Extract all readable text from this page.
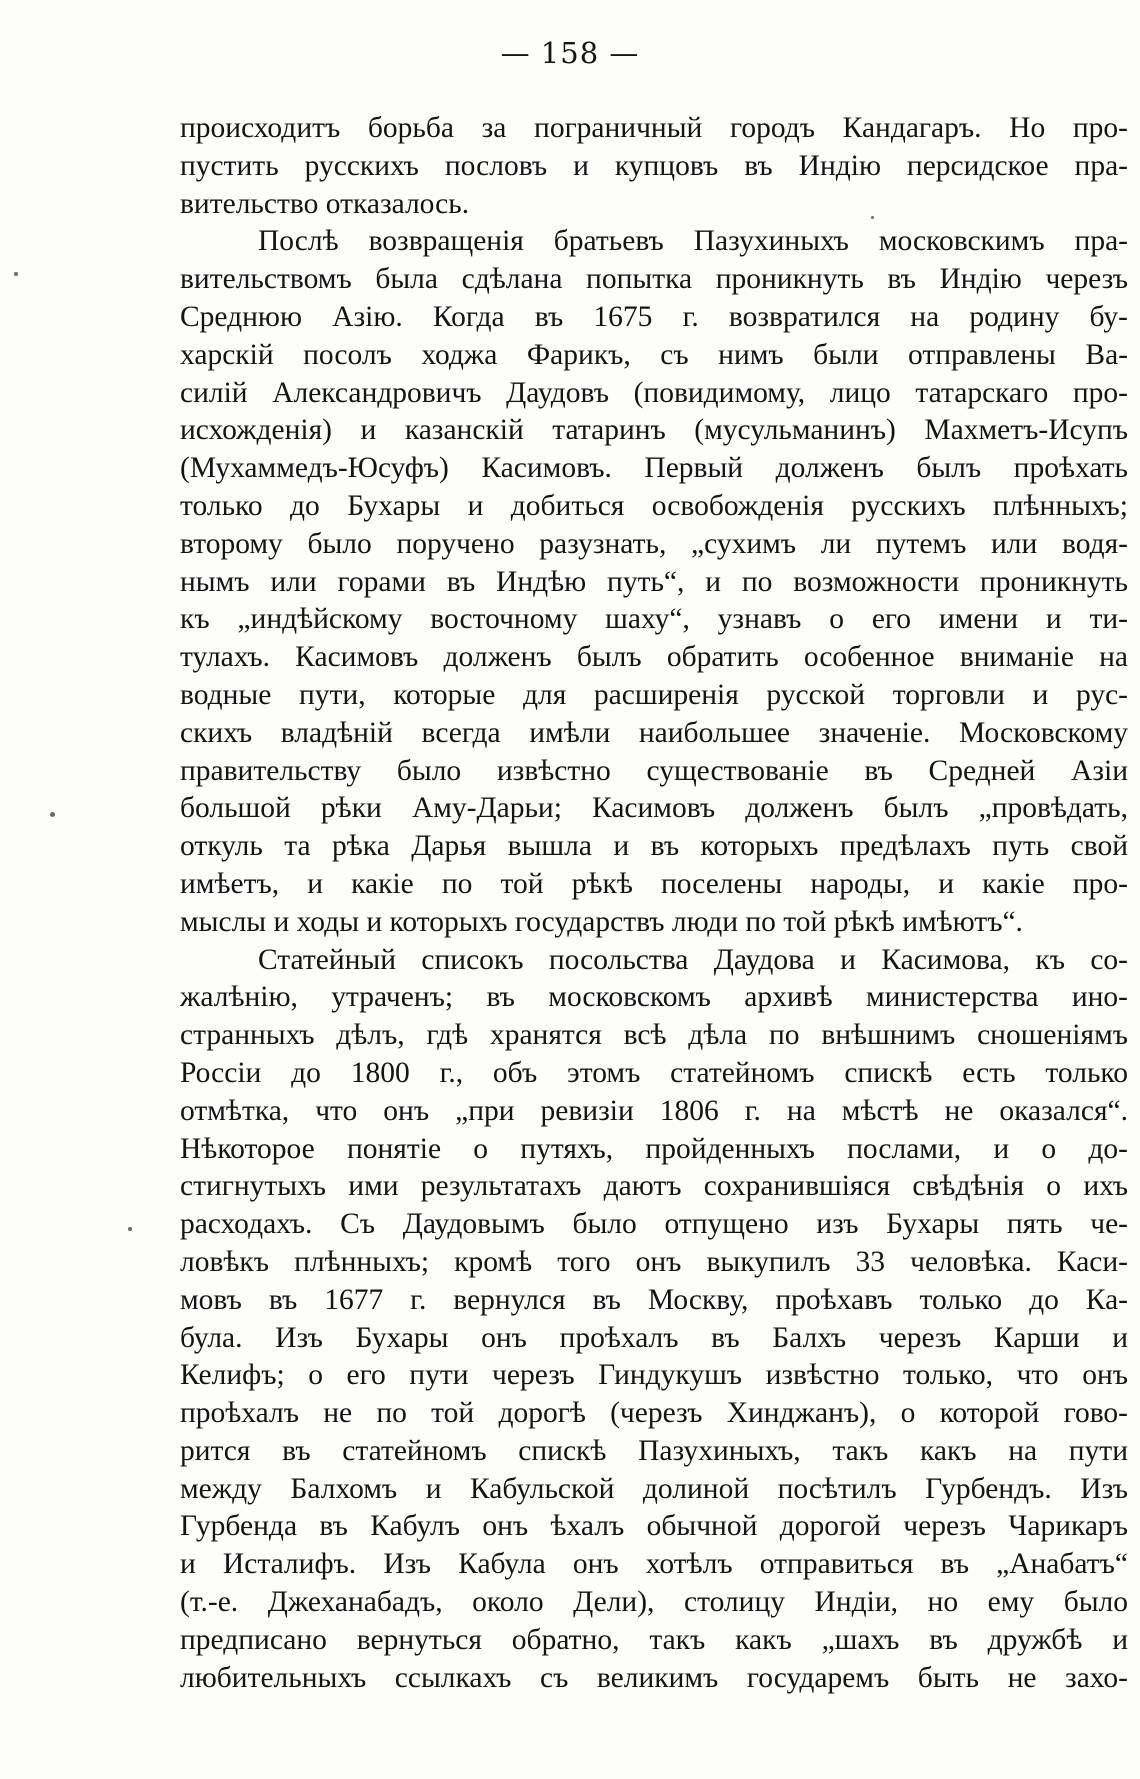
— 158 —
происходитъ борьба за пограничный городъ Кандагаръ. Но про-
пустить русскихъ пословъ и купцовъ въ Индію персидское пра-
вительство отказалось.
Послѣ возвращенія братьевъ Пазухиныхъ московскимъ пра-
вительствомъ была сдѣлана попытка проникнуть въ Индію черезъ
Среднюю Азію. Когда въ 1675 г. возвратился на родину бу-
харскій посолъ ходжа Фарикъ, съ нимъ были отправлены Ва-
силій Александровичъ Даудовъ (повидимому, лицо татарскаго про-
исхожденія) и казанскій татаринъ (мусульманинъ) Махметъ-Исупъ
(Мухаммедъ-Юсуфъ) Касимовъ. Первый долженъ былъ проѣхать
только до Бухары и добиться освобожденія русскихъ плѣнныхъ;
второму было поручено разузнать, „сухимъ ли путемъ или водя-
нымъ или горами въ Индѣю путь“, и по возможности проникнуть
къ „индѣйскому восточному шаху“, узнавъ о его имени и ти-
тулахъ. Касимовъ долженъ былъ обратить особенное вниманіе на
водные пути, которые для расширенія русской торговли и рус-
скихъ владѣній всегда имѣли наибольшее значеніе. Московскому
правительству было извѣстно существованіе въ Средней Азіи
большой рѣки Аму-Дарьи; Касимовъ долженъ былъ „провѣдать,
откуль та рѣка Дарья вышла и въ которыхъ предѣлахъ путь свой
имѣетъ, и какіе по той рѣкѣ поселены народы, и какіе про-
мыслы и ходы и которыхъ государствъ люди по той рѣкѣ имѣютъ“.
Статейный списокъ посольства Даудова и Касимова, къ со-
жалѣнію, утраченъ; въ московскомъ архивѣ министерства ино-
странныхъ дѣлъ, гдѣ хранятся всѣ дѣла по внѣшнимъ сношеніямъ
Россіи до 1800 г., объ этомъ статейномъ спискѣ есть только
отмѣтка, что онъ „при ревизіи 1806 г. на мѣстѣ не оказался“.
Нѣкоторое понятіе о путяхъ, пройденныхъ послами, и о до-
стигнутыхъ ими результатахъ даютъ сохранившіяся свѣдѣнія о ихъ
расходахъ. Съ Даудовымъ было отпущено изъ Бухары пять че-
ловѣкъ плѣнныхъ; кромѣ того онъ выкупилъ 33 человѣка. Каси-
мовъ въ 1677 г. вернулся въ Москву, проѣхавъ только до Ка-
була. Изъ Бухары онъ проѣхалъ въ Балхъ черезъ Карши и
Келифъ; о его пути черезъ Гиндукушъ извѣстно только, что онъ
проѣхалъ не по той дорогѣ (черезъ Хинджанъ), о которой гово-
рится въ статейномъ спискѣ Пазухиныхъ, такъ какъ на пути
между Балхомъ и Кабульской долиной посѣтилъ Гурбендъ. Изъ
Гурбенда въ Кабулъ онъ ѣхалъ обычной дорогой черезъ Чарикаръ
и Исталифъ. Изъ Кабула онъ хотѣлъ отправиться въ „Анабатъ“
(т.-е. Джеханабадъ, около Дели), столицу Индіи, но ему было
предписано вернуться обратно, такъ какъ „шахъ въ дружбѣ и
любительныхъ ссылкахъ съ великимъ государемъ быть не захо-
